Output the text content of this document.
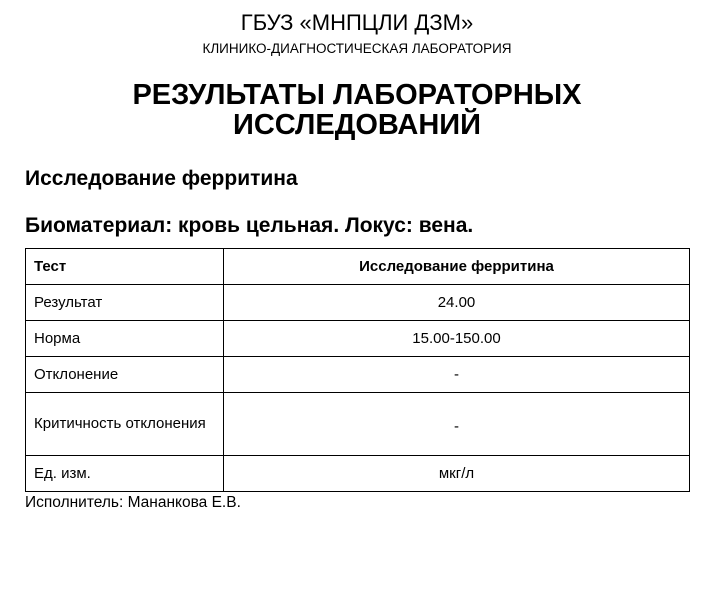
ГБУЗ «МНПЦЛИ ДЗМ»
КЛИНИКО-ДИАГНОСТИЧЕСКАЯ ЛАБОРАТОРИЯ
РЕЗУЛЬТАТЫ ЛАБОРАТОРНЫХ
ИССЛЕДОВАНИЙ
Исследование ферритина
Биоматериал: кровь цельная. Локус: вена.
Тест	Исследование ферритина
Результат	24.00
Норма	15.00-150.00
Отклонение	-
Критичность отклонения	-
Ед. изм.	мкг/л
Исполнитель: Мананкова Е.В.
